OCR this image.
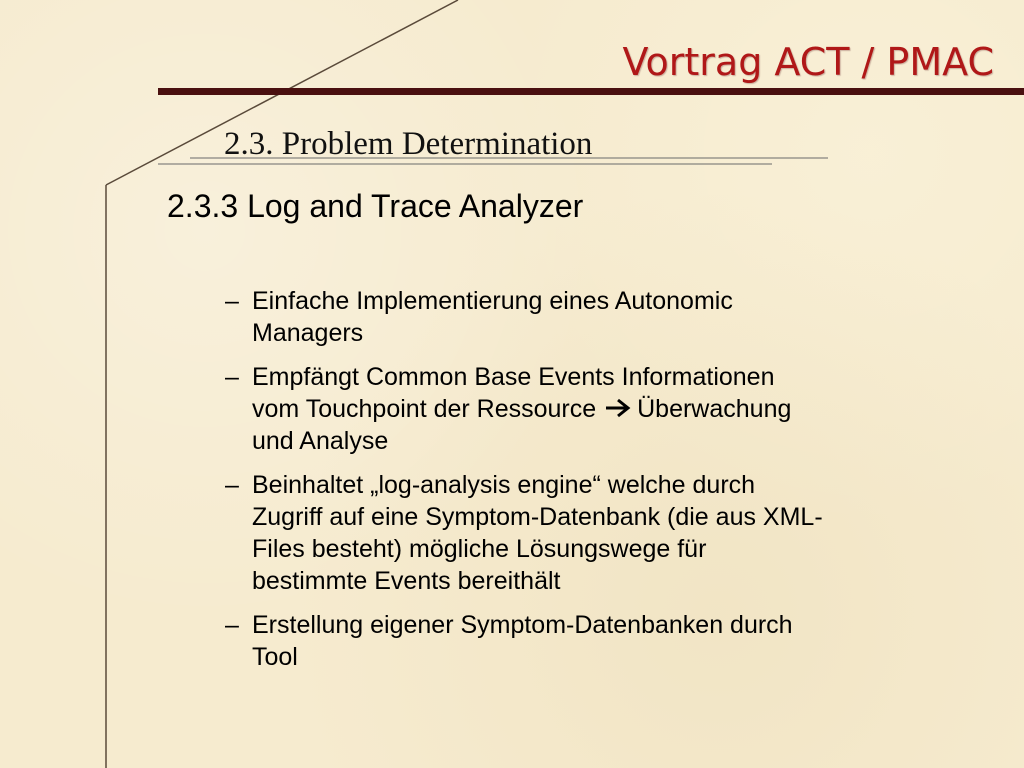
Vortrag ACT / PMAC
2.3. Problem Determination
2.3.3 Log and Trace Analyzer
– Einfache Implementierung eines Autonomic
Managers
– Empfängt Common Base Events Informationen
vom Touchpoint der Ressource Überwachung
und Analyse
– Beinhaltet „log-analysis engine“ welche durch
Zugriff auf eine Symptom-Datenbank (die aus XML-
Files besteht) mögliche Lösungswege für
bestimmte Events bereithält
– Erstellung eigener Symptom-Datenbanken durch
Tool
